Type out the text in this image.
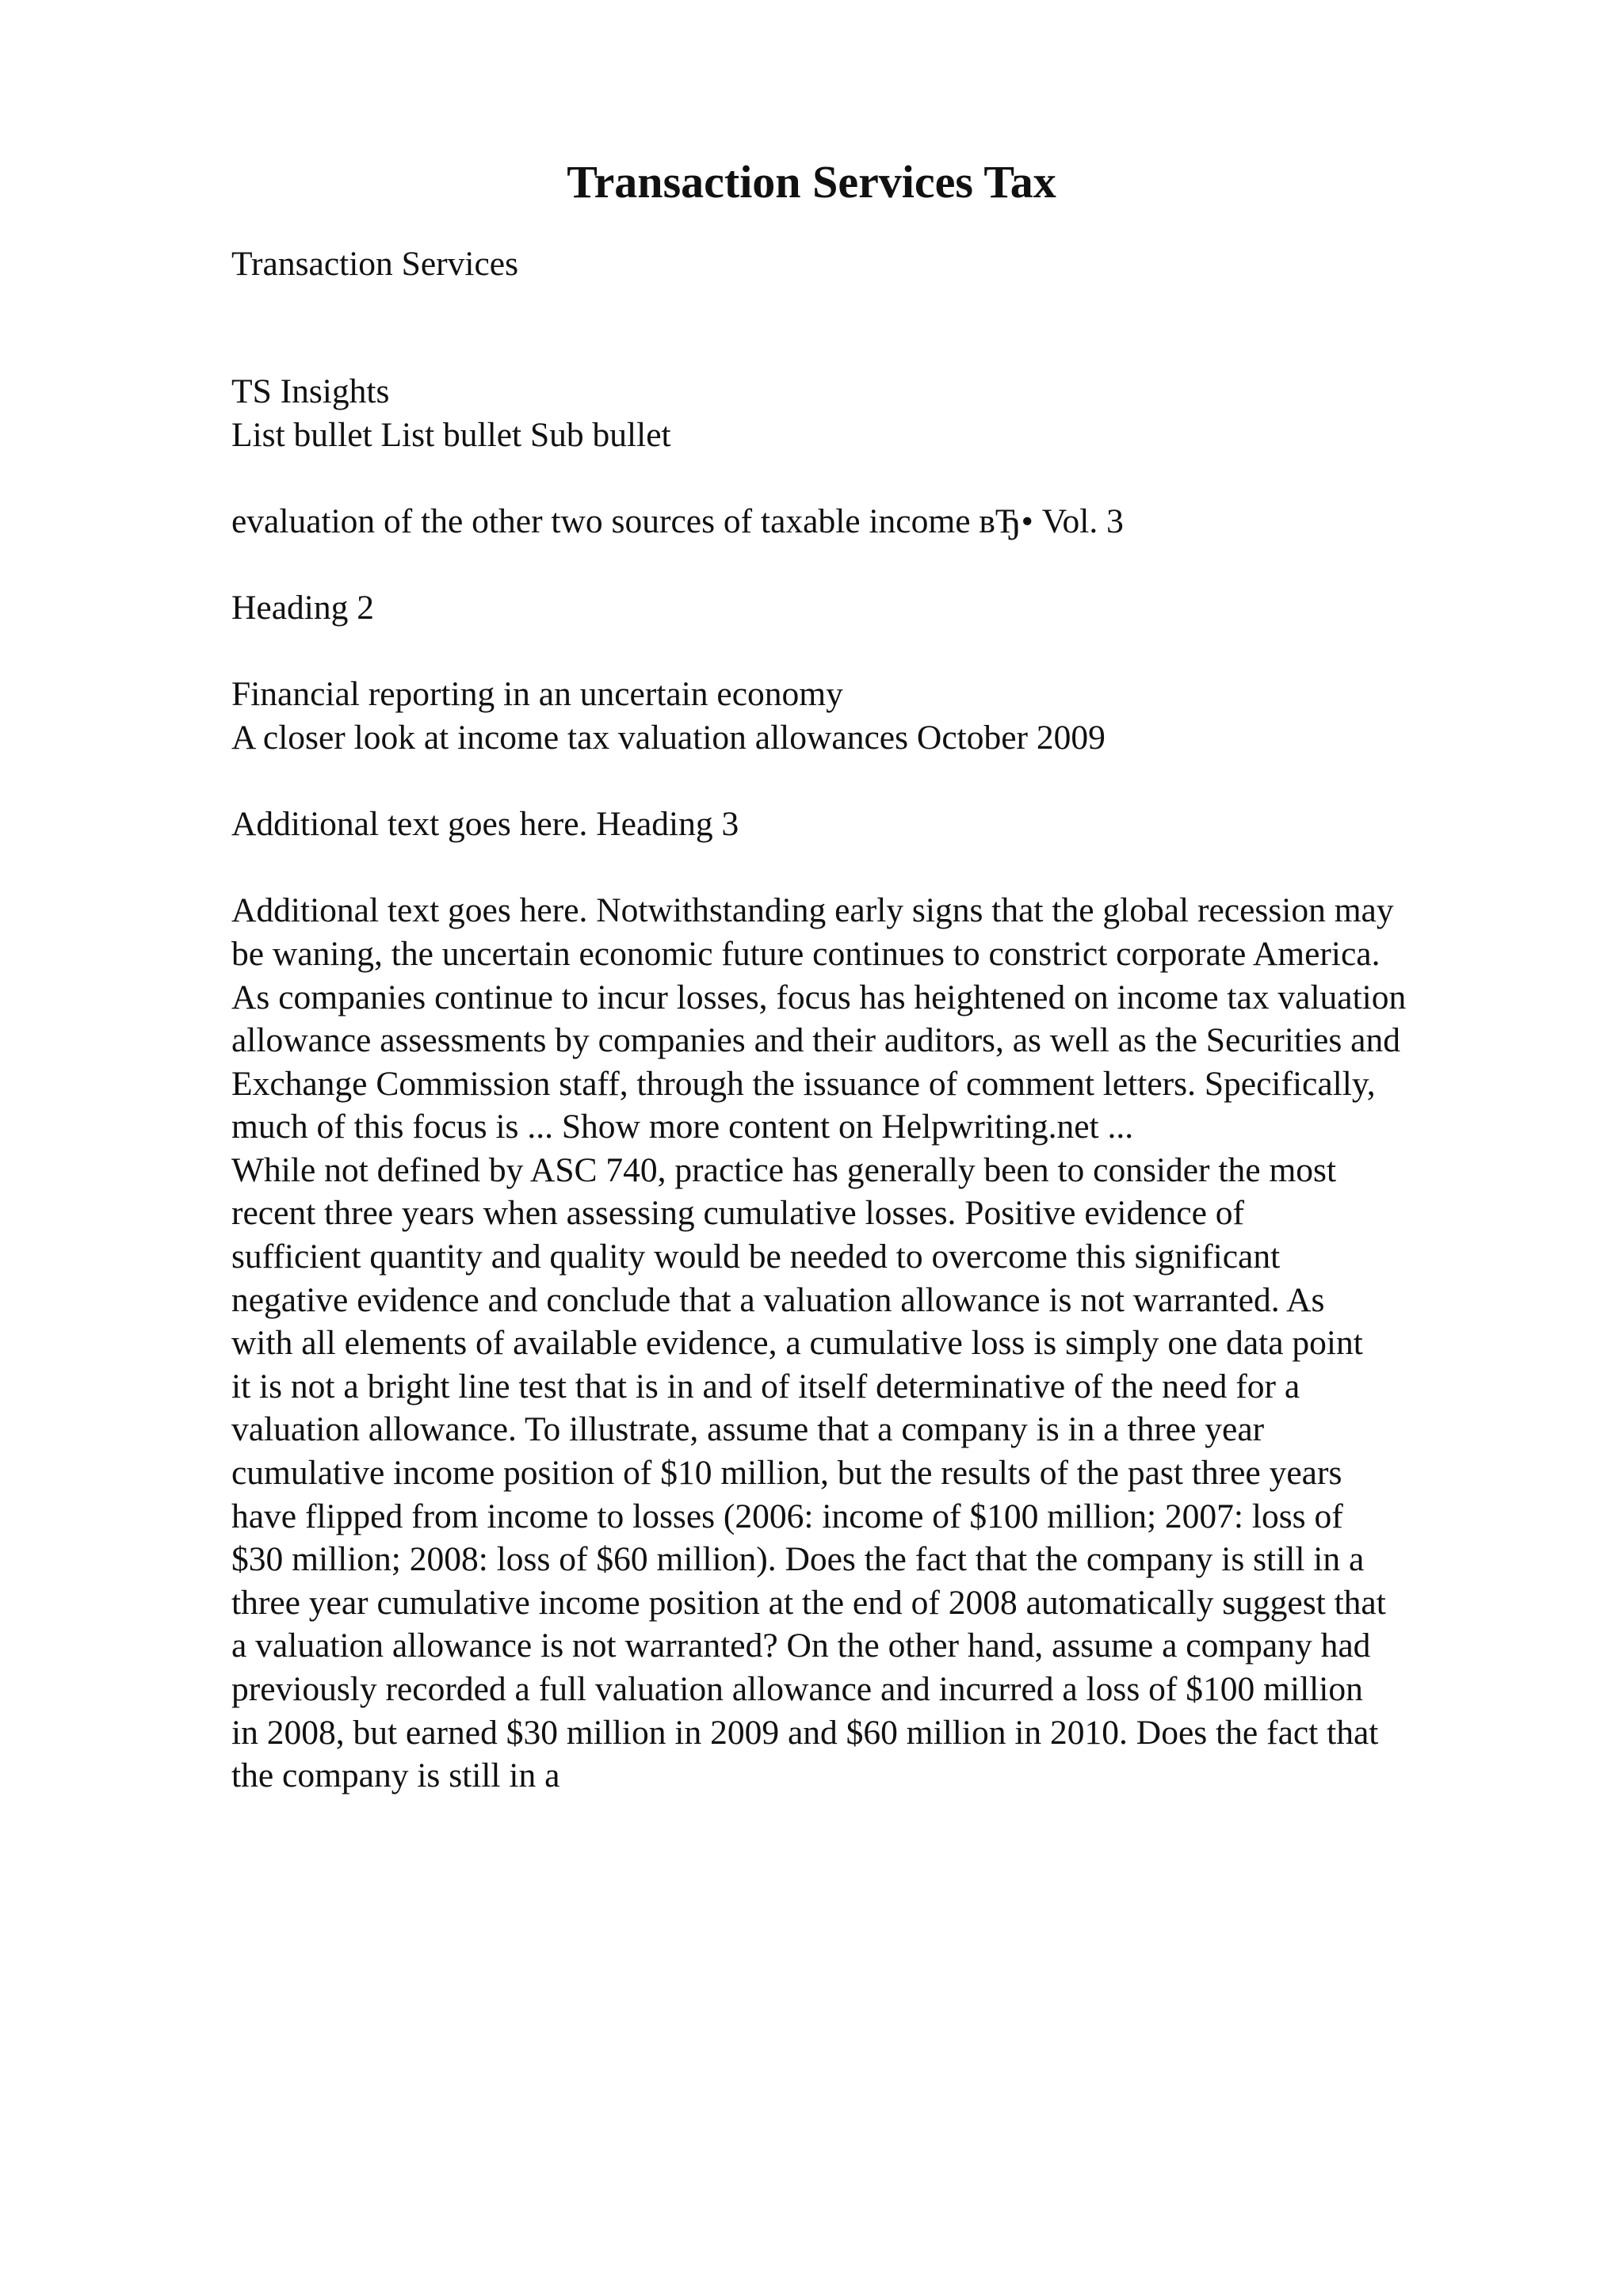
Transaction Services Tax

Transaction Services

TS Insights

List bullet List bullet Sub bullet

evaluation of the other two sources of taxable income вЂ• Vol. 3

Heading 2

Financial reporting in an uncertain economy

A closer look at income tax valuation allowances October 2009

Additional text goes here. Heading 3

Additional text goes here. Notwithstanding early signs that the global recession may

be waning, the uncertain economic future continues to constrict corporate America.

As companies continue to incur losses, focus has heightened on income tax valuation

allowance assessments by companies and their auditors, as well as the Securities and

Exchange Commission staff, through the issuance of comment letters. Specifically,

much of this focus is ... Show more content on Helpwriting.net ...

While not defined by ASC 740, practice has generally been to consider the most

recent three years when assessing cumulative losses. Positive evidence of

sufficient quantity and quality would be needed to overcome this significant

negative evidence and conclude that a valuation allowance is not warranted. As

with all elements of available evidence, a cumulative loss is simply one data point

it is not a bright line test that is in and of itself determinative of the need for a

valuation allowance. To illustrate, assume that a company is in a three year

cumulative income position of $10 million, but the results of the past three years

have flipped from income to losses (2006: income of $100 million; 2007: loss of

$30 million; 2008: loss of $60 million). Does the fact that the company is still in a

three year cumulative income position at the end of 2008 automatically suggest that

a valuation allowance is not warranted? On the other hand, assume a company had

previously recorded a full valuation allowance and incurred a loss of $100 million

in 2008, but earned $30 million in 2009 and $60 million in 2010. Does the fact that

the company is still in a
